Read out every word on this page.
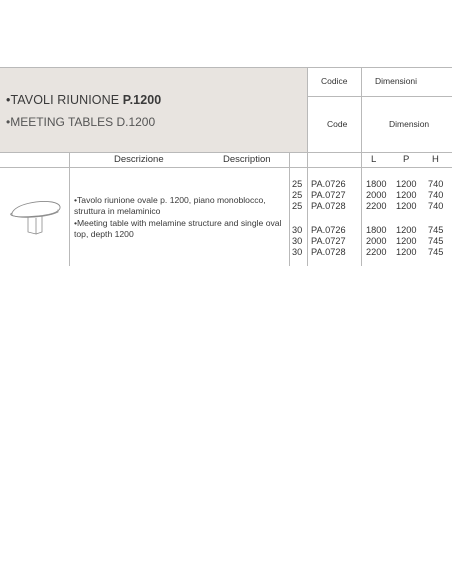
•TAVOLI RIUNIONE P.1200
•MEETING TABLES D.1200
Codice
Code
Dimensioni
Dimension
Descrizione	Description	L	P H
•Tavolo riunione ovale p. 1200, piano monoblocco, struttura in melaminico
•Meeting table with melamine structure and single oval top, depth 1200
25 PA.0726 1800 1200 740
25 PA.0727 2000 1200 740
25 PA.0728 2200 1200 740
30 PA.0726 1800 1200 745
30 PA.0727 2000 1200 745
30 PA.0728 2200 1200 745
